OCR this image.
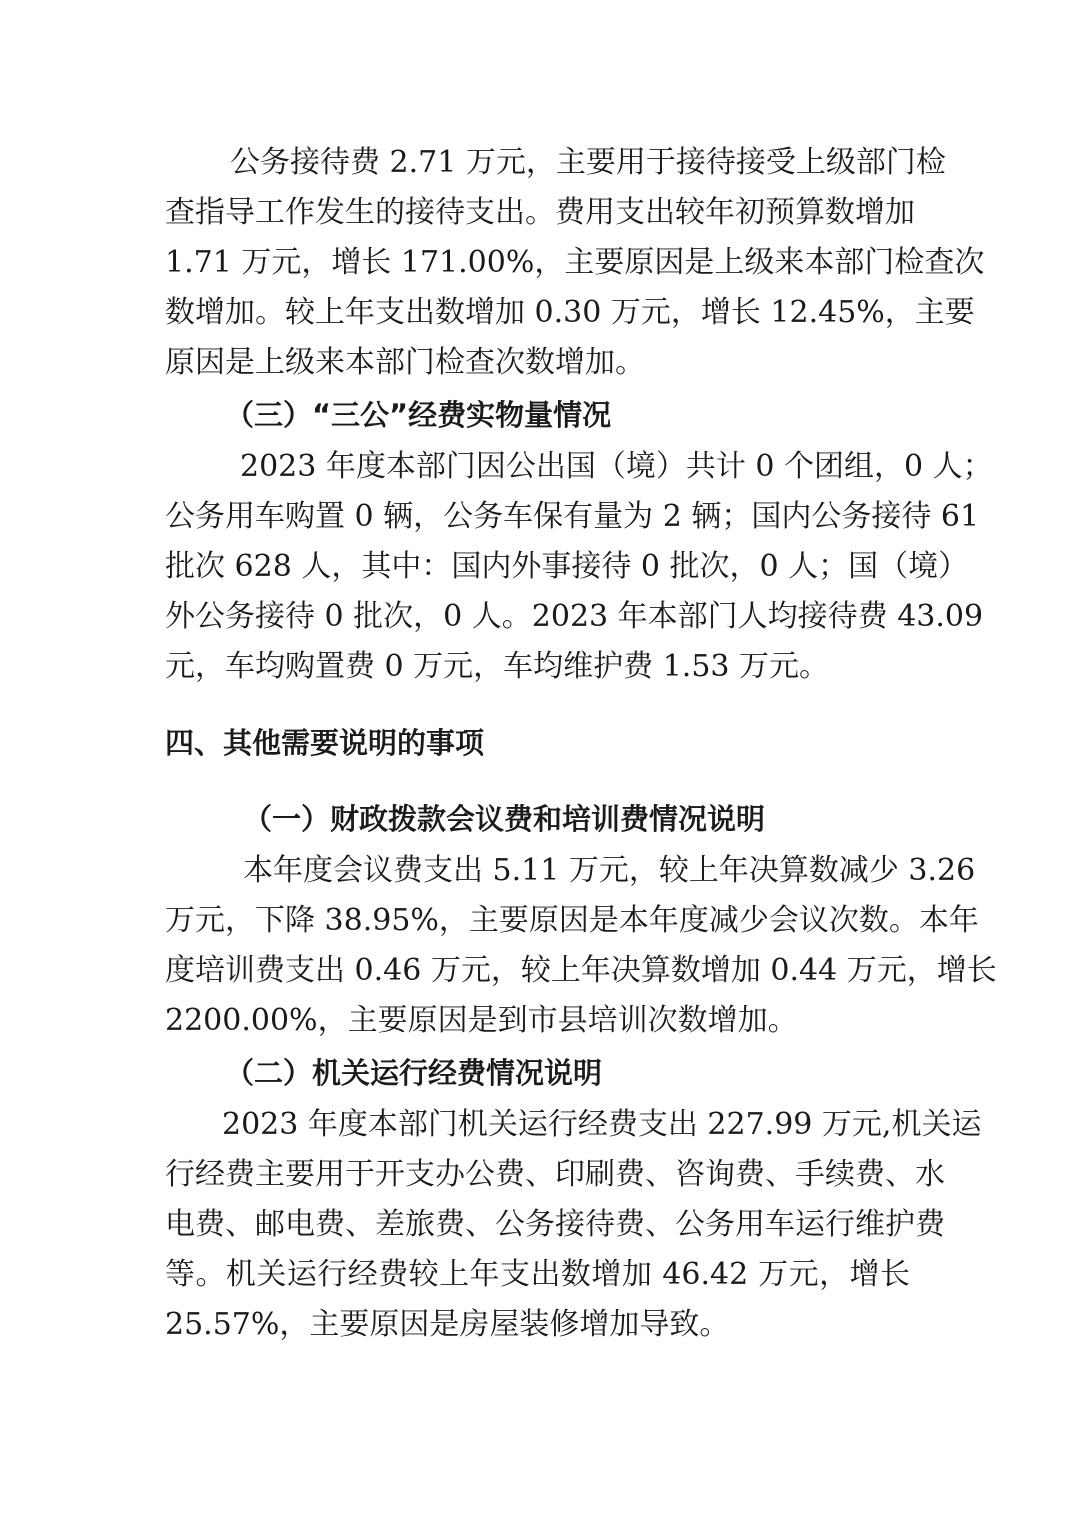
公务接待费 2.71 万元，主要用于接待接受上级部门检
查指导工作发生的接待支出。费用支出较年初预算数增加
1.71 万元，增长 171.00%，主要原因是上级来本部门检查次
数增加。较上年支出数增加 0.30 万元，增长 12.45%，主要
原因是上级来本部门检查次数增加。
（三）“三公”经费实物量情况
2023 年度本部门因公出国（境）共计 0 个团组，0 人；
公务用车购置 0 辆，公务车保有量为 2 辆；国内公务接待 61
批次 628 人，其中：国内外事接待 0 批次，0 人；国（境）
外公务接待 0 批次，0 人。2023 年本部门人均接待费 43.09
元，车均购置费 0 万元，车均维护费 1.53 万元。
四、其他需要说明的事项
（一）财政拨款会议费和培训费情况说明
本年度会议费支出 5.11 万元，较上年决算数减少 3.26
万元，下降 38.95%，主要原因是本年度减少会议次数。本年
度培训费支出 0.46 万元，较上年决算数增加 0.44 万元，增长
2200.00%，主要原因是到市县培训次数增加。
（二）机关运行经费情况说明
2023 年度本部门机关运行经费支出 227.99 万元,机关运
行经费主要用于开支办公费、印刷费、咨询费、手续费、水
电费、邮电费、差旅费、公务接待费、公务用车运行维护费
等。机关运行经费较上年支出数增加 46.42 万元，增长
25.57%，主要原因是房屋装修增加导致。
